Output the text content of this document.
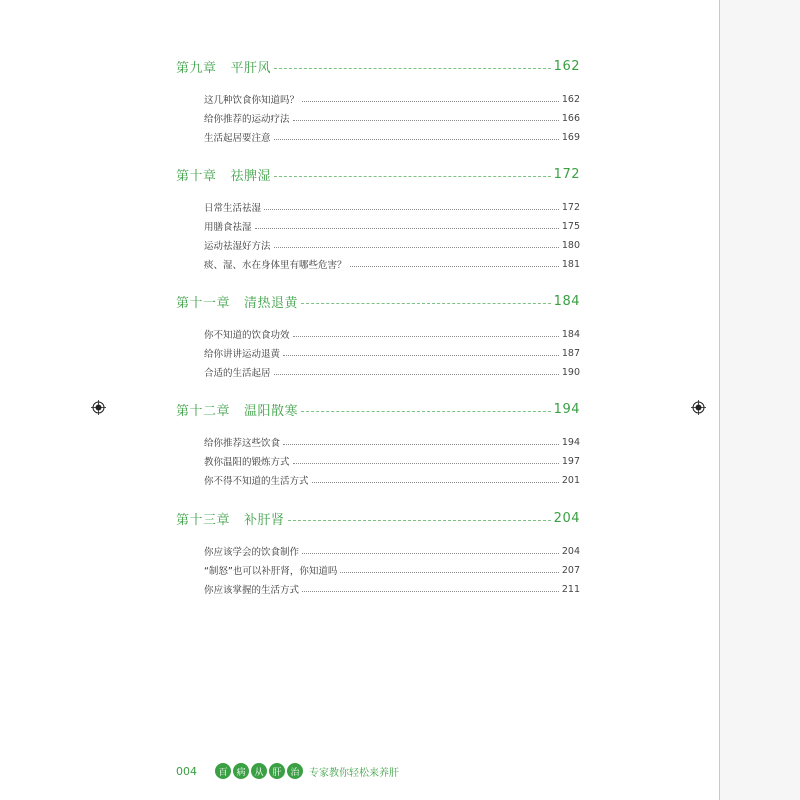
第九章 平肝风	162
这几种饮食你知道吗？	162
给你推荐的运动疗法	166
生活起居要注意	169
第十章 祛脾湿	172
日常生活祛湿	172
用膳食祛湿	175
运动祛湿好方法	180
痰、湿、水在身体里有哪些危害？	181
第十一章 清热退黄	184
你不知道的饮食功效	184
给你讲讲运动退黄	187
合适的生活起居	190
第十二章 温阳散寒	194
给你推荐这些饮食	194
教你温阳的锻炼方式	197
你不得不知道的生活方式	201
第十三章 补肝肾	204
你应该学会的饮食制作	204
“制怒”也可以补肝肾，你知道吗	207
你应该掌握的生活方式	211
004	百 病 从 肝 治 专家教你轻松来养肝
